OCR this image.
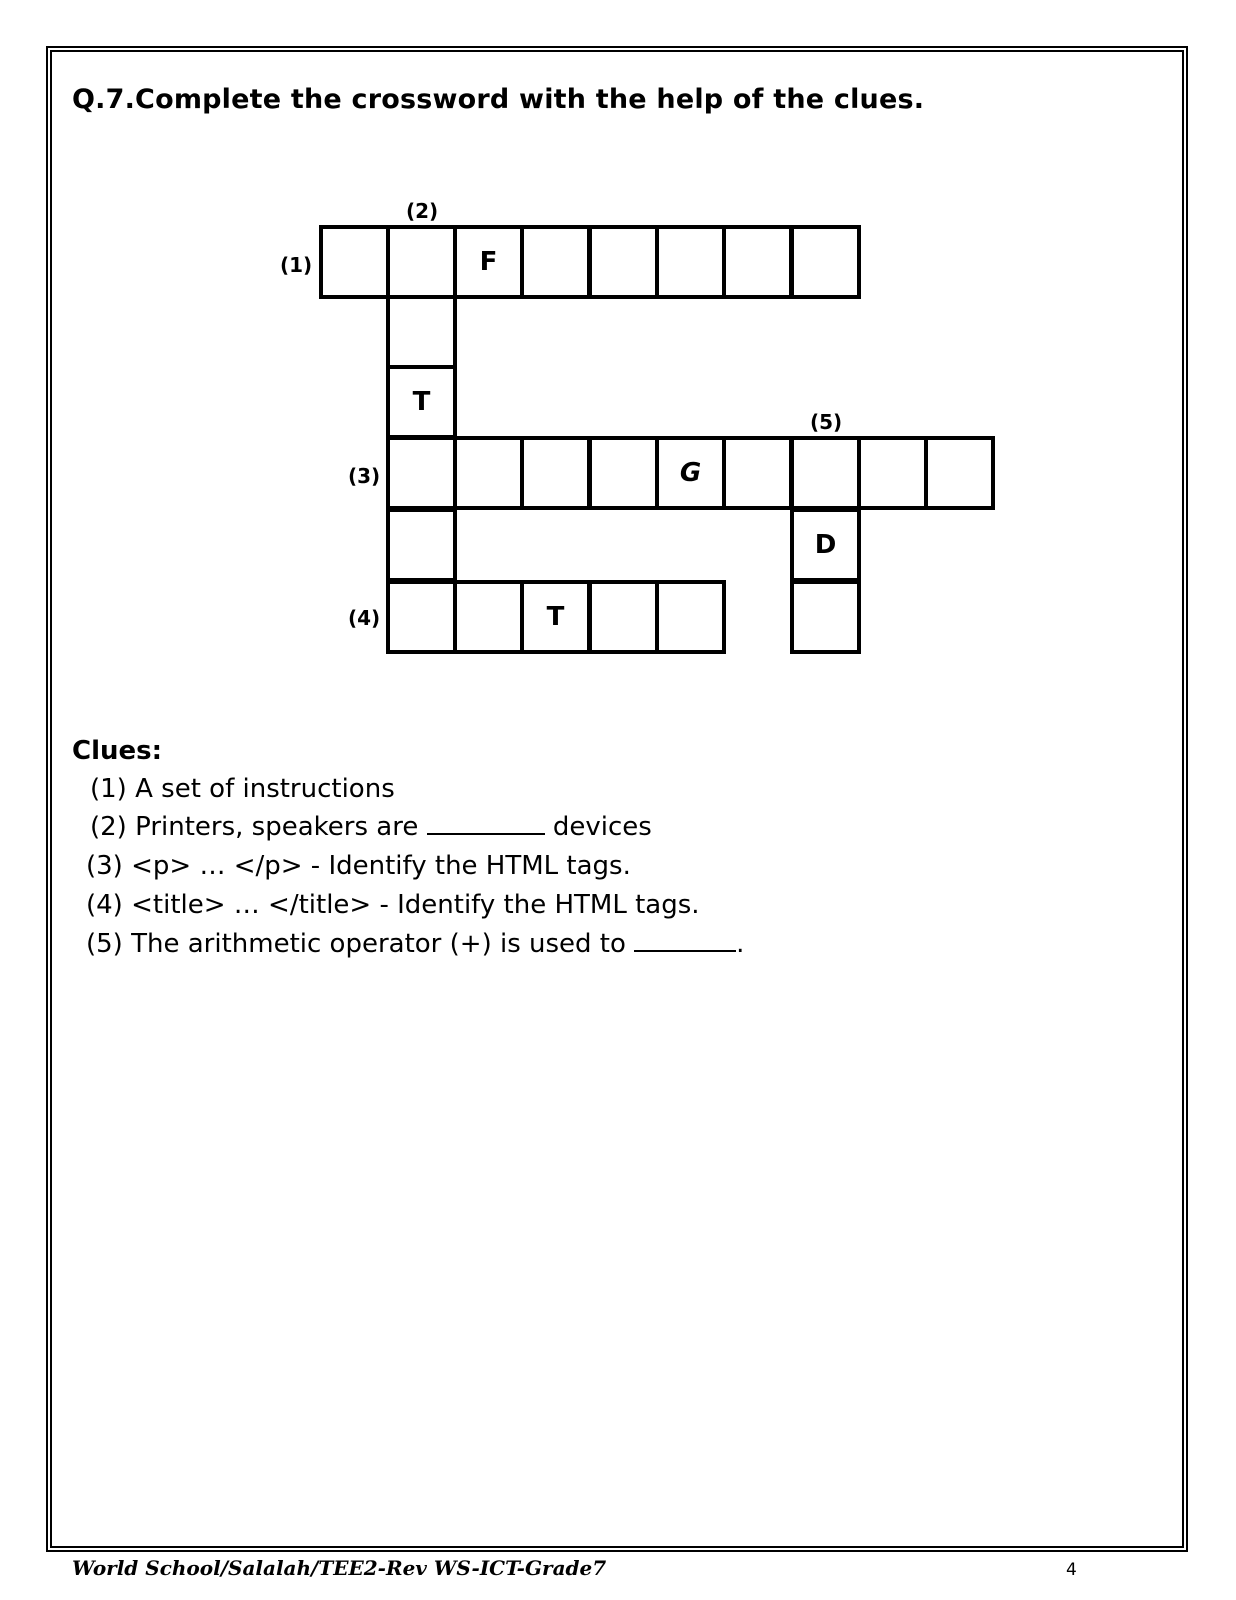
Q.7.Complete the crossword with the help of the clues.
(2)
(1)
(5)
(3)
(4)
F
T
G
D
T
Clues:
(1) A set of instructions
(2) Printers, speakers are	devices
(3) <p> … </p> - Identify the HTML tags.
(4) <title> … </title> - Identify the HTML tags.
(5) The arithmetic operator (+) is used to	.
World School/Salalah/TEE2-Rev WS-ICT-Grade7	4
